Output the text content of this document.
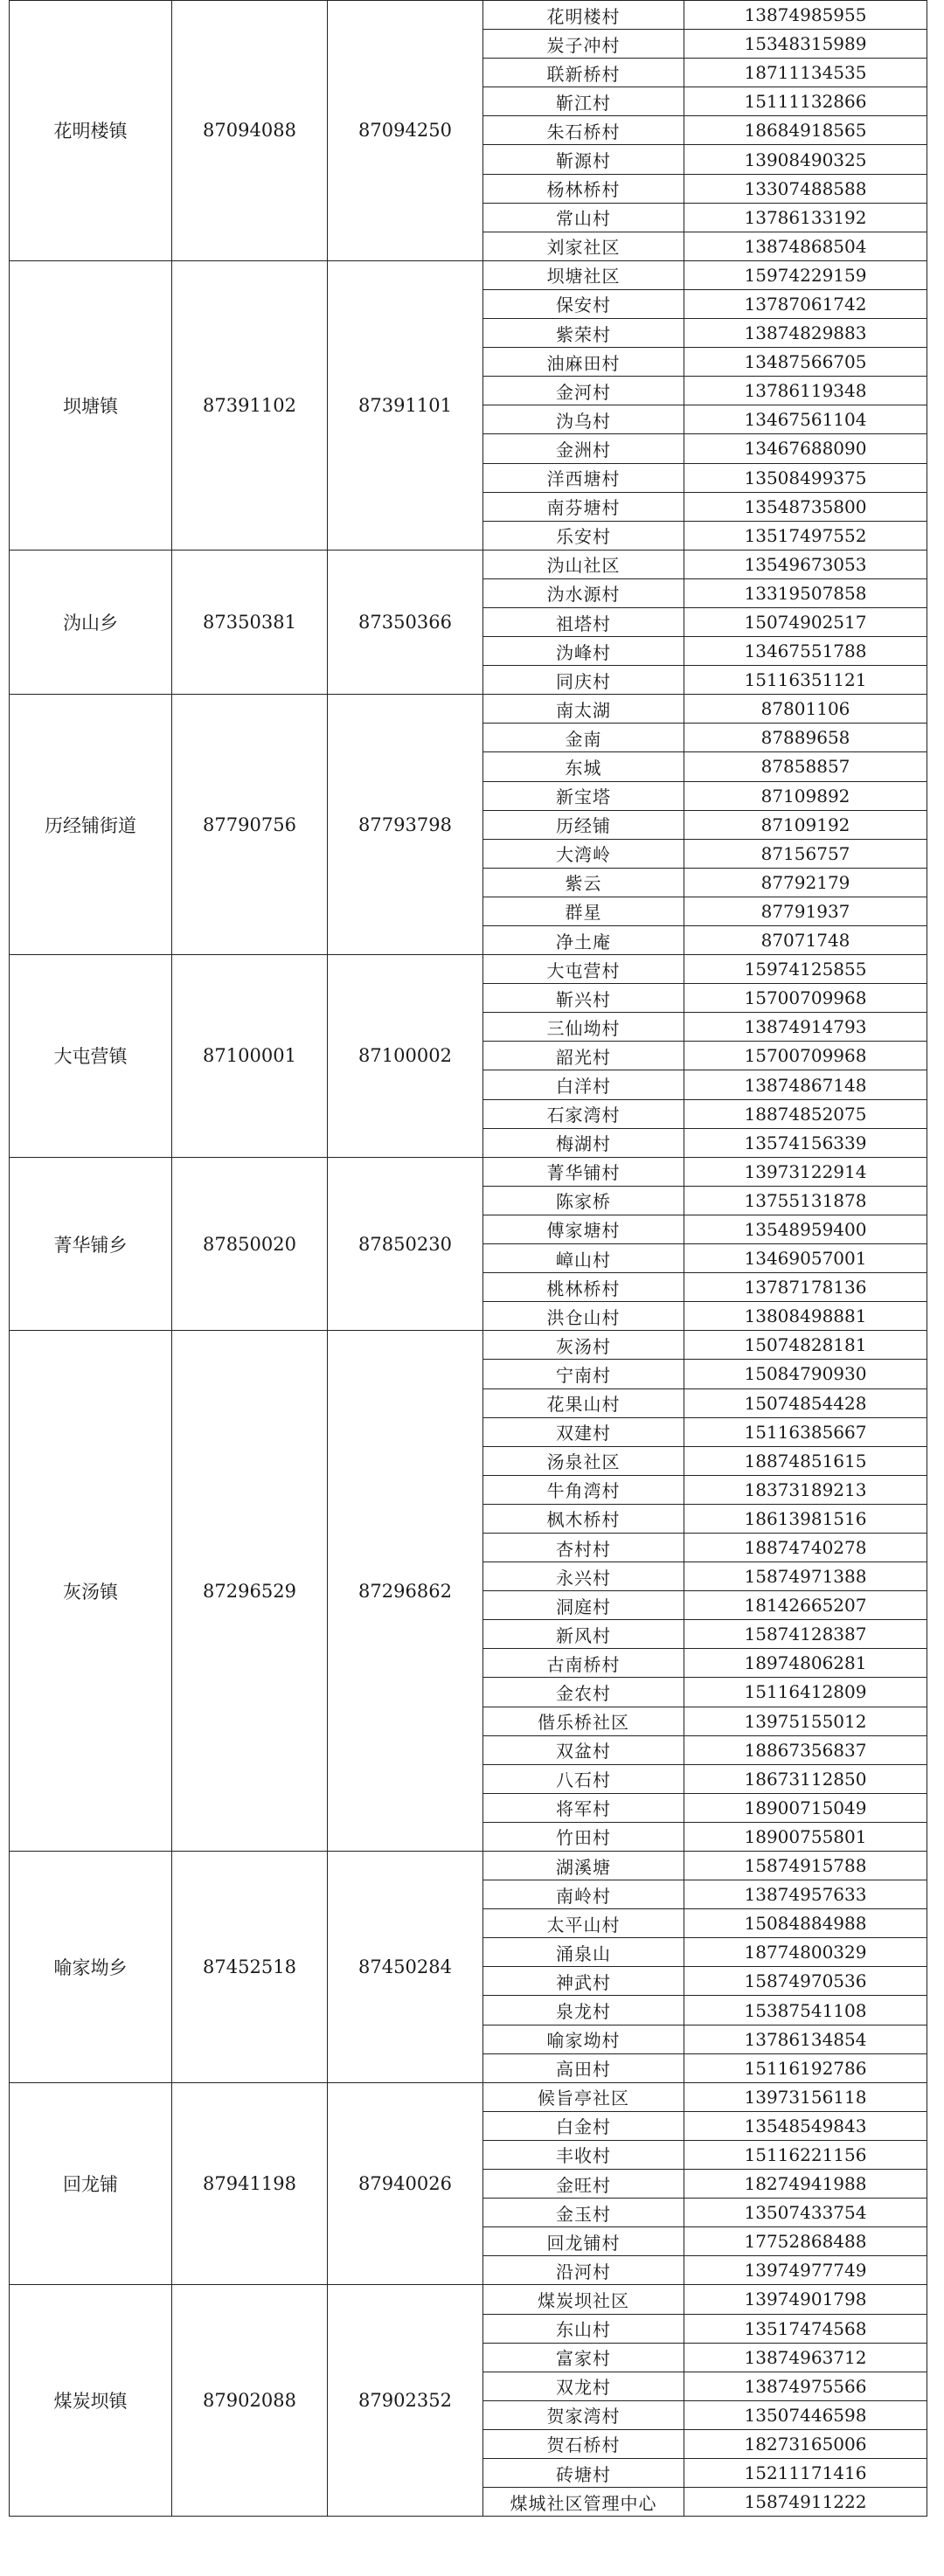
花明楼镇	87094088	87094250	花明楼村	13874985955
			炭子冲村	15348315989
			联新桥村	18711134535
			靳江村	15111132866
			朱石桥村	18684918565
			靳源村	13908490325
			杨林桥村	13307488588
			常山村	13786133192
			刘家社区	13874868504
坝塘镇	87391102	87391101	坝塘社区	15974229159
			保安村	13787061742
			紫荣村	13874829883
			油麻田村	13487566705
			金河村	13786119348
			沩乌村	13467561104
			金洲村	13467688090
			洋西塘村	13508499375
			南芬塘村	13548735800
			乐安村	13517497552
沩山乡	87350381	87350366	沩山社区	13549673053
			沩水源村	13319507858
			祖塔村	15074902517
			沩峰村	13467551788
			同庆村	15116351121
历经铺街道	87790756	87793798	南太湖	87801106
			金南	87889658
			东城	87858857
			新宝塔	87109892
			历经铺	87109192
			大湾岭	87156757
			紫云	87792179
			群星	87791937
			净土庵	87071748
大屯营镇	87100001	87100002	大屯营村	15974125855
			靳兴村	15700709968
			三仙坳村	13874914793
			韶光村	15700709968
			白洋村	13874867148
			石家湾村	18874852075
			梅湖村	13574156339
菁华铺乡	87850020	87850230	菁华铺村	13973122914
			陈家桥	13755131878
			傅家塘村	13548959400
			嶂山村	13469057001
			桃林桥村	13787178136
			洪仓山村	13808498881
灰汤镇	87296529	87296862	灰汤村	15074828181
			宁南村	15084790930
			花果山村	15074854428
			双建村	15116385667
			汤泉社区	18874851615
			牛角湾村	18373189213
			枫木桥村	18613981516
			杏村村	18874740278
			永兴村	15874971388
			洞庭村	18142665207
			新风村	15874128387
			古南桥村	18974806281
			金农村	15116412809
			偕乐桥社区	13975155012
			双盆村	18867356837
			八石村	18673112850
			将军村	18900715049
			竹田村	18900755801
喻家坳乡	87452518	87450284	湖溪塘	15874915788
			南岭村	13874957633
			太平山村	15084884988
			涌泉山	18774800329
			神武村	15874970536
			泉龙村	15387541108
			喻家坳村	13786134854
			高田村	15116192786
回龙铺	87941198	87940026	候旨亭社区	13973156118
			白金村	13548549843
			丰收村	15116221156
			金旺村	18274941988
			金玉村	13507433754
			回龙铺村	17752868488
			沿河村	13974977749
煤炭坝镇	87902088	87902352	煤炭坝社区	13974901798
			东山村	13517474568
			富家村	13874963712
			双龙村	13874975566
			贺家湾村	13507446598
			贺石桥村	18273165006
			砖塘村	15211171416
			煤城社区管理中心	15874911222
